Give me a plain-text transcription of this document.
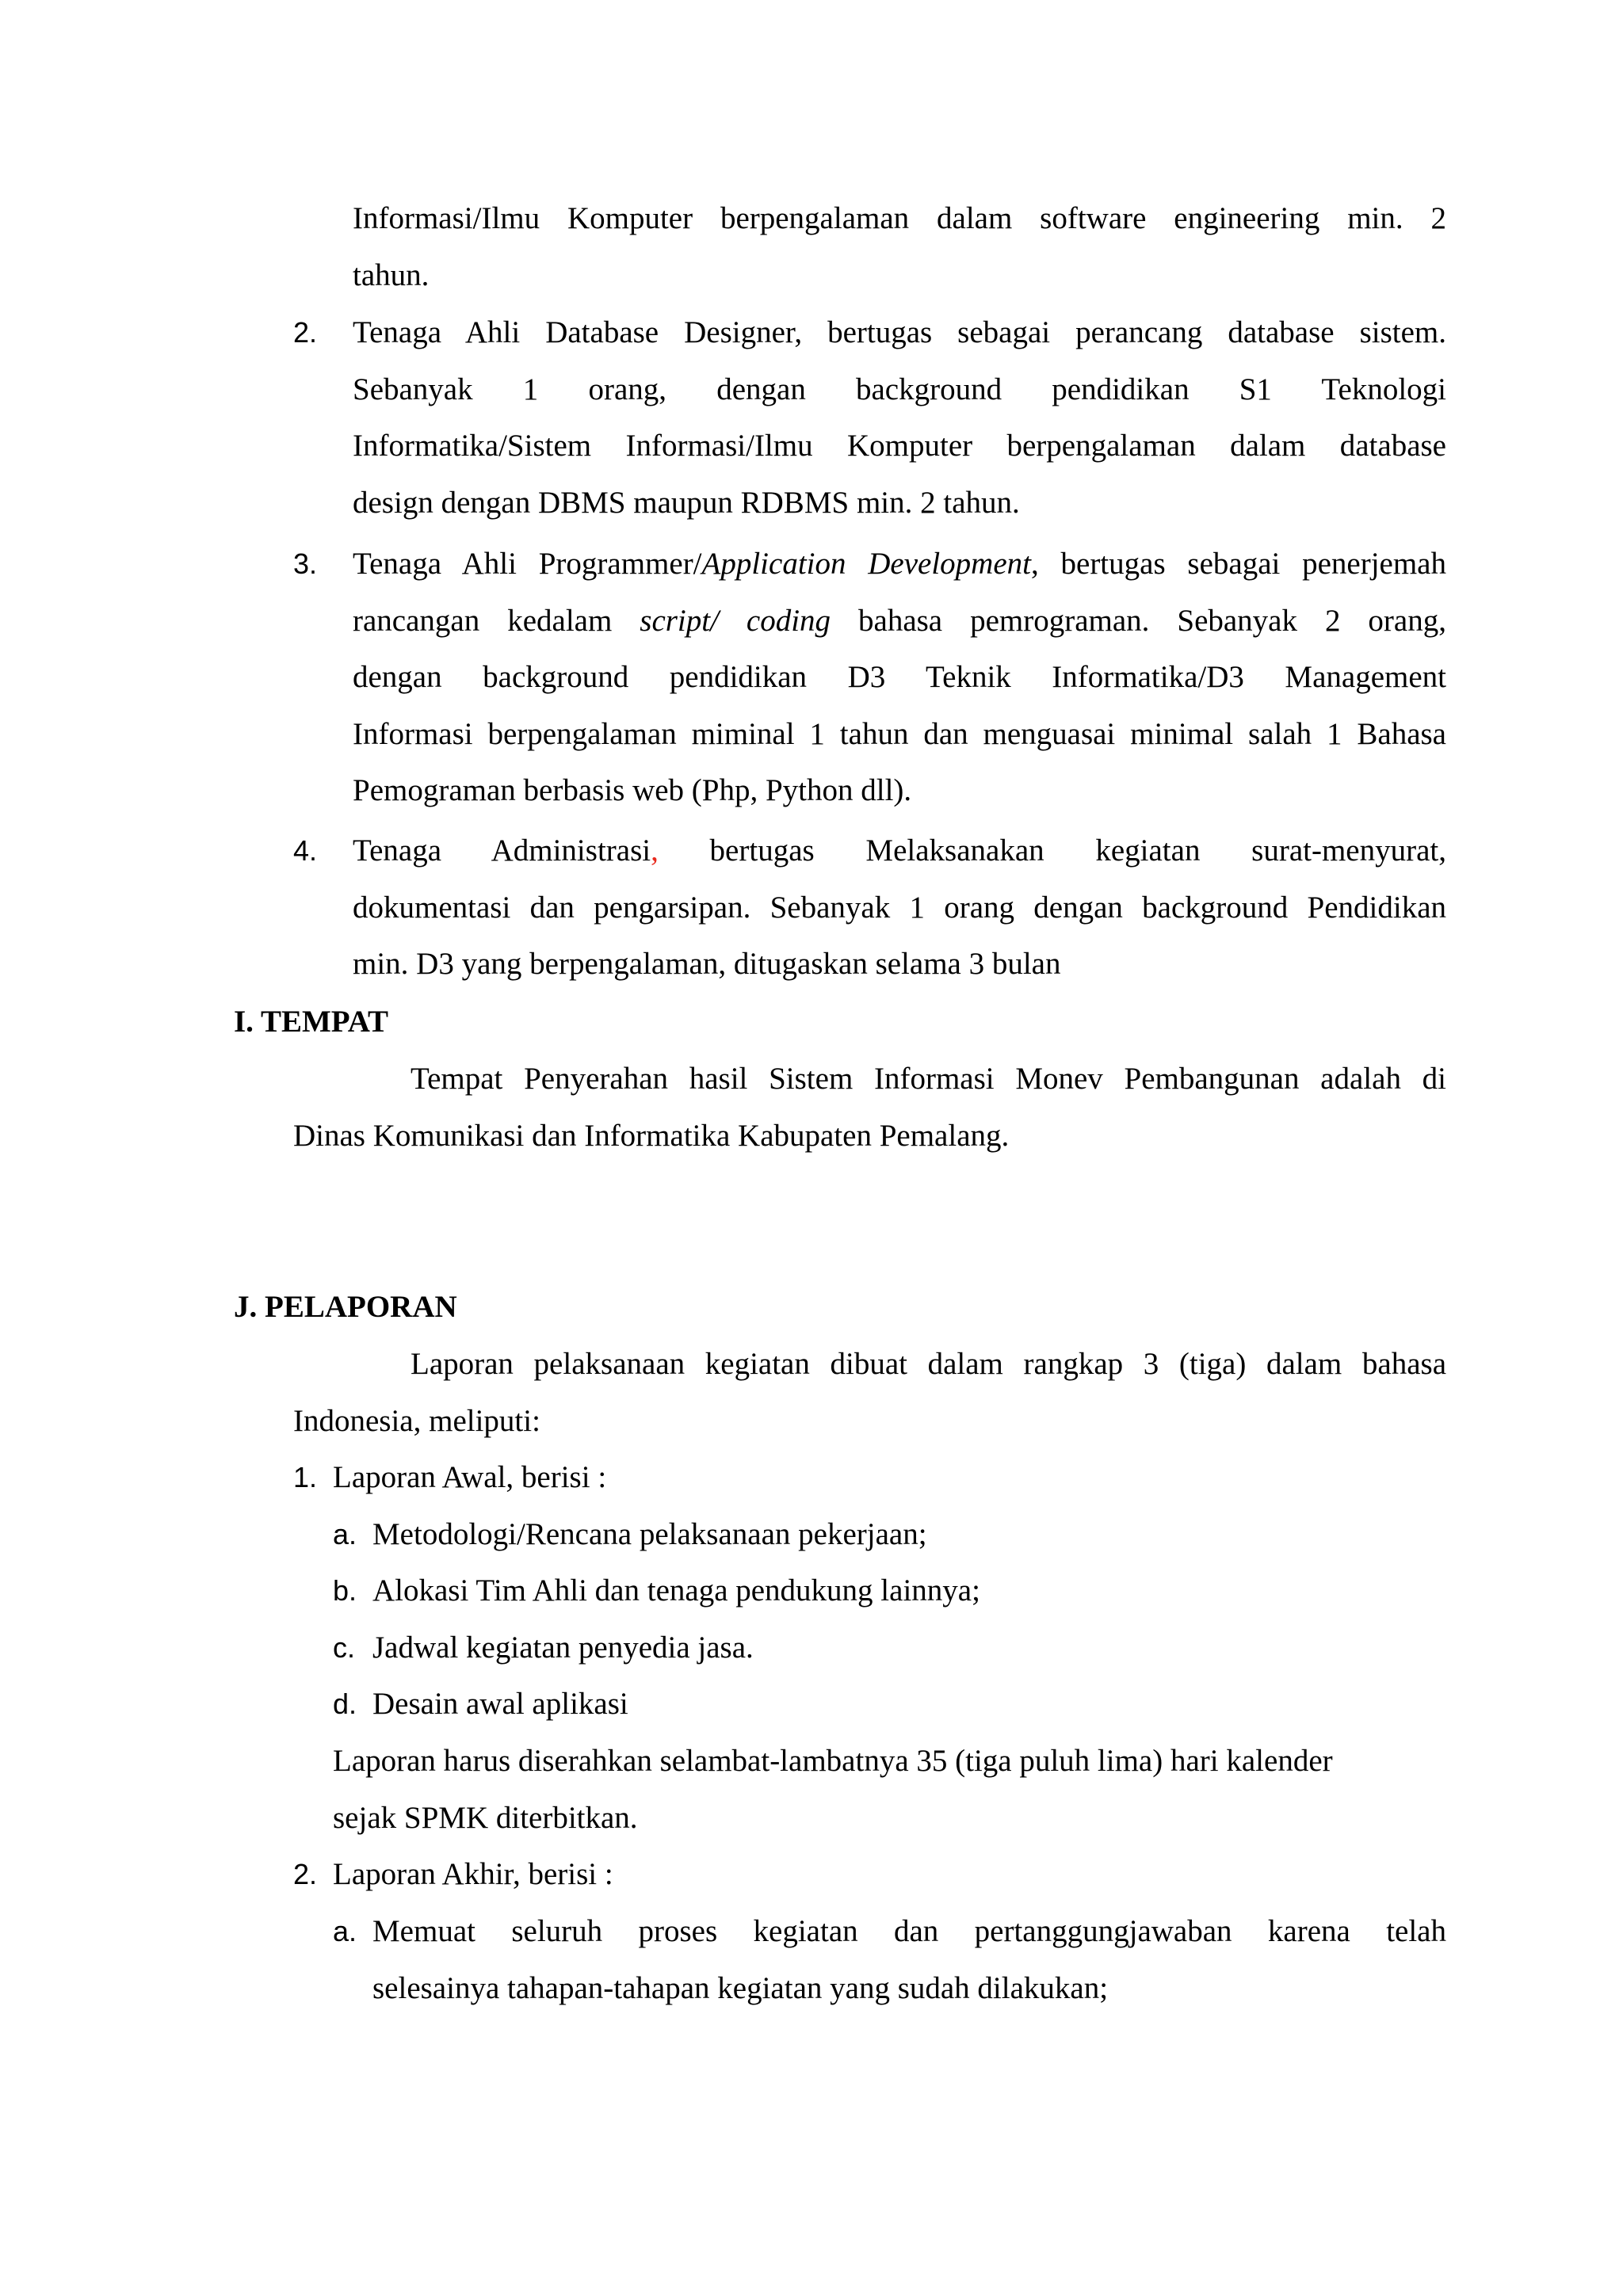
Informasi/Ilmu Komputer berpengalaman dalam software engineering min. 2
tahun.
2. Tenaga Ahli Database Designer, bertugas sebagai perancang database sistem.
Sebanyak 1 orang, dengan background pendidikan S1 Teknologi
Informatika/Sistem Informasi/Ilmu Komputer berpengalaman dalam database
design dengan DBMS maupun RDBMS min. 2 tahun.
3. Tenaga Ahli Programmer/Application Development, bertugas sebagai penerjemah
rancangan kedalam script/ coding bahasa pemrograman. Sebanyak 2 orang,
dengan background pendidikan D3 Teknik Informatika/D3 Management
Informasi berpengalaman miminal 1 tahun dan menguasai minimal salah 1 Bahasa
Pemograman berbasis web (Php, Python dll).
4. Tenaga Administrasi, bertugas Melaksanakan kegiatan surat-menyurat,
dokumentasi dan pengarsipan. Sebanyak 1 orang dengan background Pendidikan
min. D3 yang berpengalaman, ditugaskan selama 3 bulan
I. TEMPAT
Tempat Penyerahan hasil Sistem Informasi Monev Pembangunan adalah di
Dinas Komunikasi dan Informatika Kabupaten Pemalang.
J. PELAPORAN
Laporan pelaksanaan kegiatan dibuat dalam rangkap 3 (tiga) dalam bahasa
Indonesia, meliputi:
1. Laporan Awal, berisi :
a. Metodologi/Rencana pelaksanaan pekerjaan;
b. Alokasi Tim Ahli dan tenaga pendukung lainnya;
c. Jadwal kegiatan penyedia jasa.
d. Desain awal aplikasi
Laporan harus diserahkan selambat-lambatnya 35 (tiga puluh lima) hari kalender
sejak SPMK diterbitkan.
2. Laporan Akhir, berisi :
a. Memuat seluruh proses kegiatan dan pertanggungjawaban karena telah
selesainya tahapan-tahapan kegiatan yang sudah dilakukan;
